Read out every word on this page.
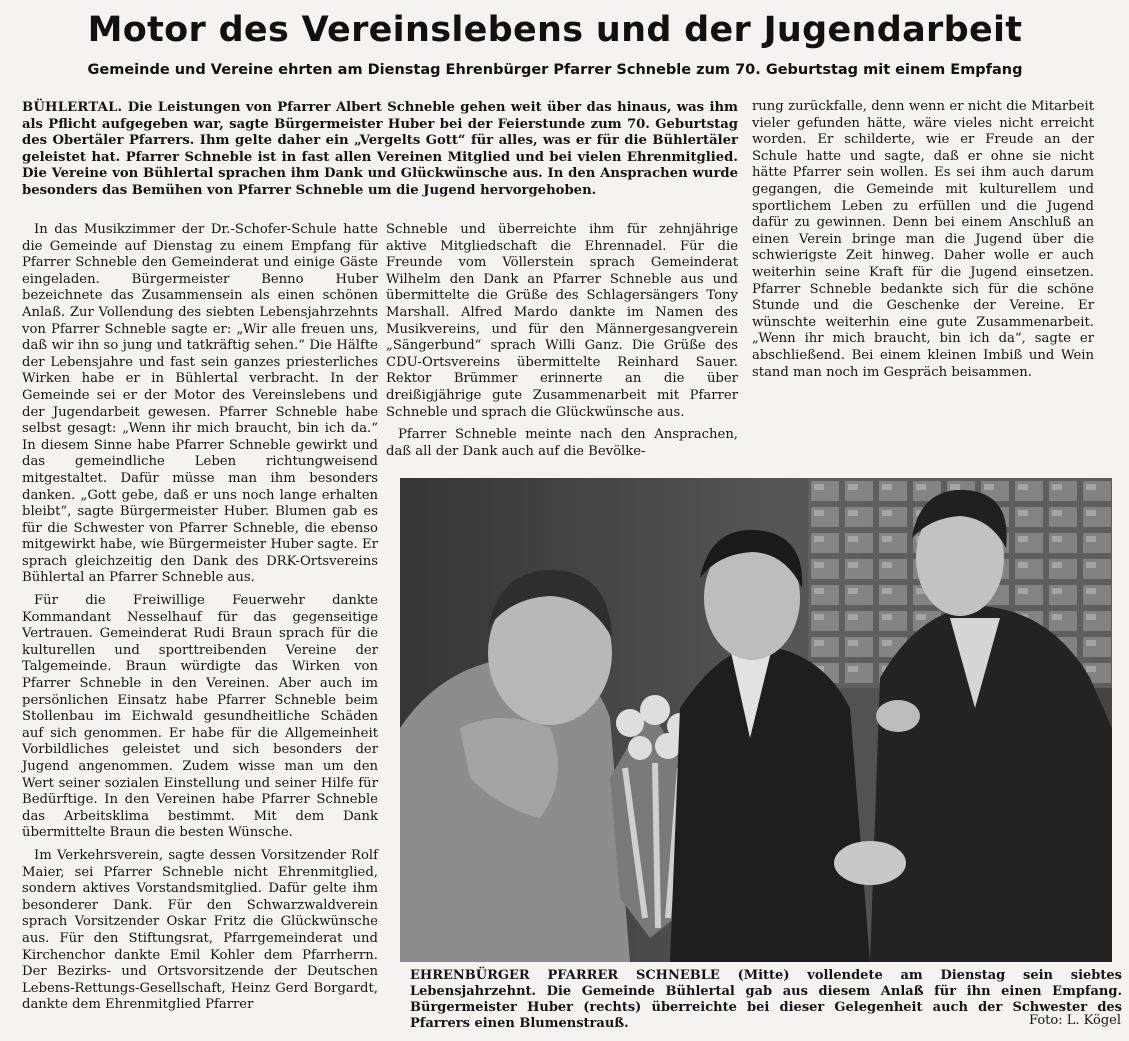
Motor des Vereinslebens und der Jugendarbeit
Gemeinde und Vereine ehrten am Dienstag Ehrenbürger Pfarrer Schneble zum 70. Geburtstag mit einem Empfang
BÜHLERTAL. Die Leistungen von Pfarrer Albert Schneble gehen weit über das hinaus, was ihm als Pflicht aufgegeben war, sagte Bürgermeister Huber bei der Feierstunde zum 70. Geburtstag des Obertäler Pfarrers. Ihm gelte daher ein „Vergelts Gott“ für alles, was er für die Bühlertäler geleistet hat. Pfarrer Schneble ist in fast allen Vereinen Mitglied und bei vielen Ehrenmitglied. Die Vereine von Bühlertal sprachen ihm Dank und Glückwünsche aus. In den Ansprachen wurde besonders das Bemühen von Pfarrer Schneble um die Jugend hervorgehoben.

In das Musikzimmer der Dr.-Schofer-Schule hatte die Gemeinde auf Dienstag zu einem Empfang für Pfarrer Schneble den Gemeinderat und einige Gäste eingeladen. Bürgermeister Benno Huber bezeichnete das Zusammensein als einen schönen Anlaß. Zur Vollendung des siebten Lebensjahrzehnts von Pfarrer Schneble sagte er: „Wir alle freuen uns, daß wir ihn so jung und tatkräftig sehen.“ Die Hälfte der Lebensjahre und fast sein ganzes priesterliches Wirken habe er in Bühlertal verbracht. In der Gemeinde sei er der Motor des Vereinslebens und der Jugendarbeit gewesen. Pfarrer Schneble habe selbst gesagt: „Wenn ihr mich braucht, bin ich da.“ In diesem Sinne habe Pfarrer Schneble gewirkt und das gemeindliche Leben richtungweisend mitgestaltet. Dafür müsse man ihm besonders danken. „Gott gebe, daß er uns noch lange erhalten bleibt“, sagte Bürgermeister Huber. Blumen gab es für die Schwester von Pfarrer Schneble, die ebenso mitgewirkt habe, wie Bürgermeister Huber sagte. Er sprach gleichzeitig den Dank des DRK-Ortsvereins Bühlertal an Pfarrer Schneble aus.

Für die Freiwillige Feuerwehr dankte Kommandant Nesselhauf für das gegenseitige Vertrauen. Gemeinderat Rudi Braun sprach für die kulturellen und sporttreibenden Vereine der Talgemeinde. Braun würdigte das Wirken von Pfarrer Schneble in den Vereinen. Aber auch im persönlichen Einsatz habe Pfarrer Schneble beim Stollenbau im Eichwald gesundheitliche Schäden auf sich genommen. Er habe für die Allgemeinheit Vorbildliches geleistet und sich besonders der Jugend angenommen. Zudem wisse man um den Wert seiner sozialen Einstellung und seiner Hilfe für Bedürftige. In den Vereinen habe Pfarrer Schneble das Arbeitsklima bestimmt. Mit dem Dank übermittelte Braun die besten Wünsche.

Im Verkehrsverein, sagte dessen Vorsitzender Rolf Maier, sei Pfarrer Schneble nicht Ehrenmitglied, sondern aktives Vorstandsmitglied. Dafür gelte ihm besonderer Dank. Für den Schwarzwaldverein sprach Vorsitzender Oskar Fritz die Glückwünsche aus. Für den Stiftungsrat, Pfarrgemeinderat und Kirchenchor dankte Emil Kohler dem Pfarrherrn. Der Bezirks- und Ortsvorsitzende der Deutschen Lebens-Rettungs-Gesellschaft, Heinz Gerd Borgardt, dankte dem Ehrenmitglied Pfarrer

Schneble und überreichte ihm für zehnjährige aktive Mitgliedschaft die Ehrennadel. Für die Freunde vom Völlerstein sprach Gemeinderat Wilhelm den Dank an Pfarrer Schneble aus und übermittelte die Grüße des Schlagersängers Tony Marshall. Alfred Mardo dankte im Namen des Musikvereins, und für den Männergesangverein „Sängerbund“ sprach Willi Ganz. Die Grüße des CDU-Ortsvereins übermittelte Reinhard Sauer. Rektor Brümmer erinnerte an die über dreißigjährige gute Zusammenarbeit mit Pfarrer Schneble und sprach die Glückwünsche aus.

Pfarrer Schneble meinte nach den Ansprachen, daß all der Dank auch auf die Bevölke-

rung zurückfalle, denn wenn er nicht die Mitarbeit vieler gefunden hätte, wäre vieles nicht erreicht worden. Er schilderte, wie er Freude an der Schule hatte und sagte, daß er ohne sie nicht hätte Pfarrer sein wollen. Es sei ihm auch darum gegangen, die Gemeinde mit kulturellem und sportlichem Leben zu erfüllen und die Jugend dafür zu gewinnen. Denn bei einem Anschluß an einen Verein bringe man die Jugend über die schwierigste Zeit hinweg. Daher wolle er auch weiterhin seine Kraft für die Jugend einsetzen. Pfarrer Schneble bedankte sich für die schöne Stunde und die Geschenke der Vereine. Er wünschte weiterhin eine gute Zusammenarbeit. „Wenn ihr mich braucht, bin ich da“, sagte er abschließend. Bei einem kleinen Imbiß und Wein stand man noch im Gespräch beisammen.

EHRENBÜRGER PFARRER SCHNEBLE (Mitte) vollendete am Dienstag sein siebtes Lebensjahrzehnt. Die Gemeinde Bühlertal gab aus diesem Anlaß für ihn einen Empfang. Bürgermeister Huber (rechts) überreichte bei dieser Gelegenheit auch der Schwester des Pfarrers einen Blumenstrauß.	Foto: L. Kögel
